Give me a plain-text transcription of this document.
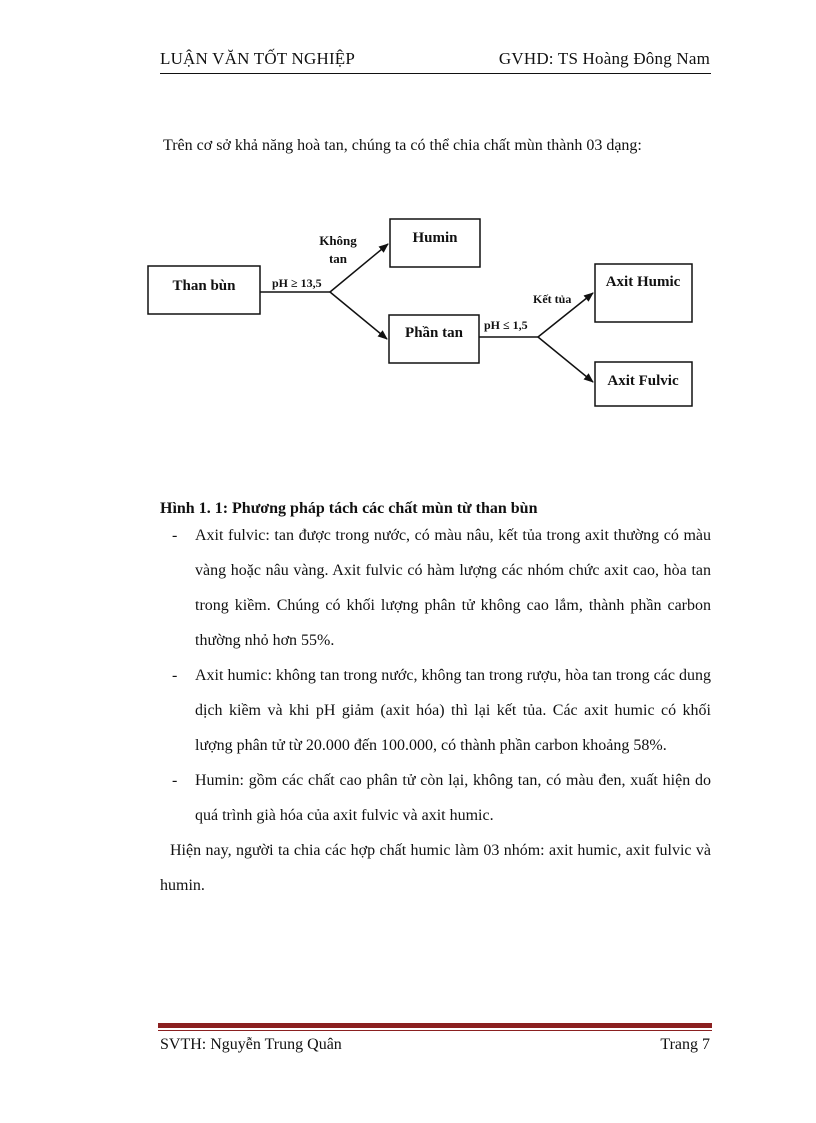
LUẬN VĂN TỐT NGHIỆP	GVHD: TS Hoàng Đông Nam
Trên cơ sở khả năng hoà tan, chúng ta có thể chia chất mùn thành 03 dạng:
Than bùn
Humin
Phần tan
Axit Humic
Axit Fulvic
pH ≥ 13,5
Không
tan
pH ≤ 1,5
Kết tủa
Hình 1. 1: Phương pháp tách các chất mùn từ than bùn
- Axit fulvic: tan được trong nước, có màu nâu, kết tủa trong axit thường có màu vàng hoặc nâu vàng. Axit fulvic có hàm lượng các nhóm chức axit cao, hòa tan trong kiềm. Chúng có khối lượng phân tử không cao lắm, thành phần carbon thường nhỏ hơn 55%.
- Axit humic: không tan trong nước, không tan trong rượu, hòa tan trong các dung dịch kiềm và khi pH giảm (axit hóa) thì lại kết tủa. Các axit humic có khối lượng phân tử từ 20.000 đến 100.000, có thành phần carbon khoảng 58%.
- Humin: gồm các chất cao phân tử còn lại, không tan, có màu đen, xuất hiện do quá trình già hóa của axit fulvic và axit humic.
Hiện nay, người ta chia các hợp chất humic làm 03 nhóm: axit humic, axit fulvic và humin.
SVTH: Nguyễn Trung Quân	Trang 7
